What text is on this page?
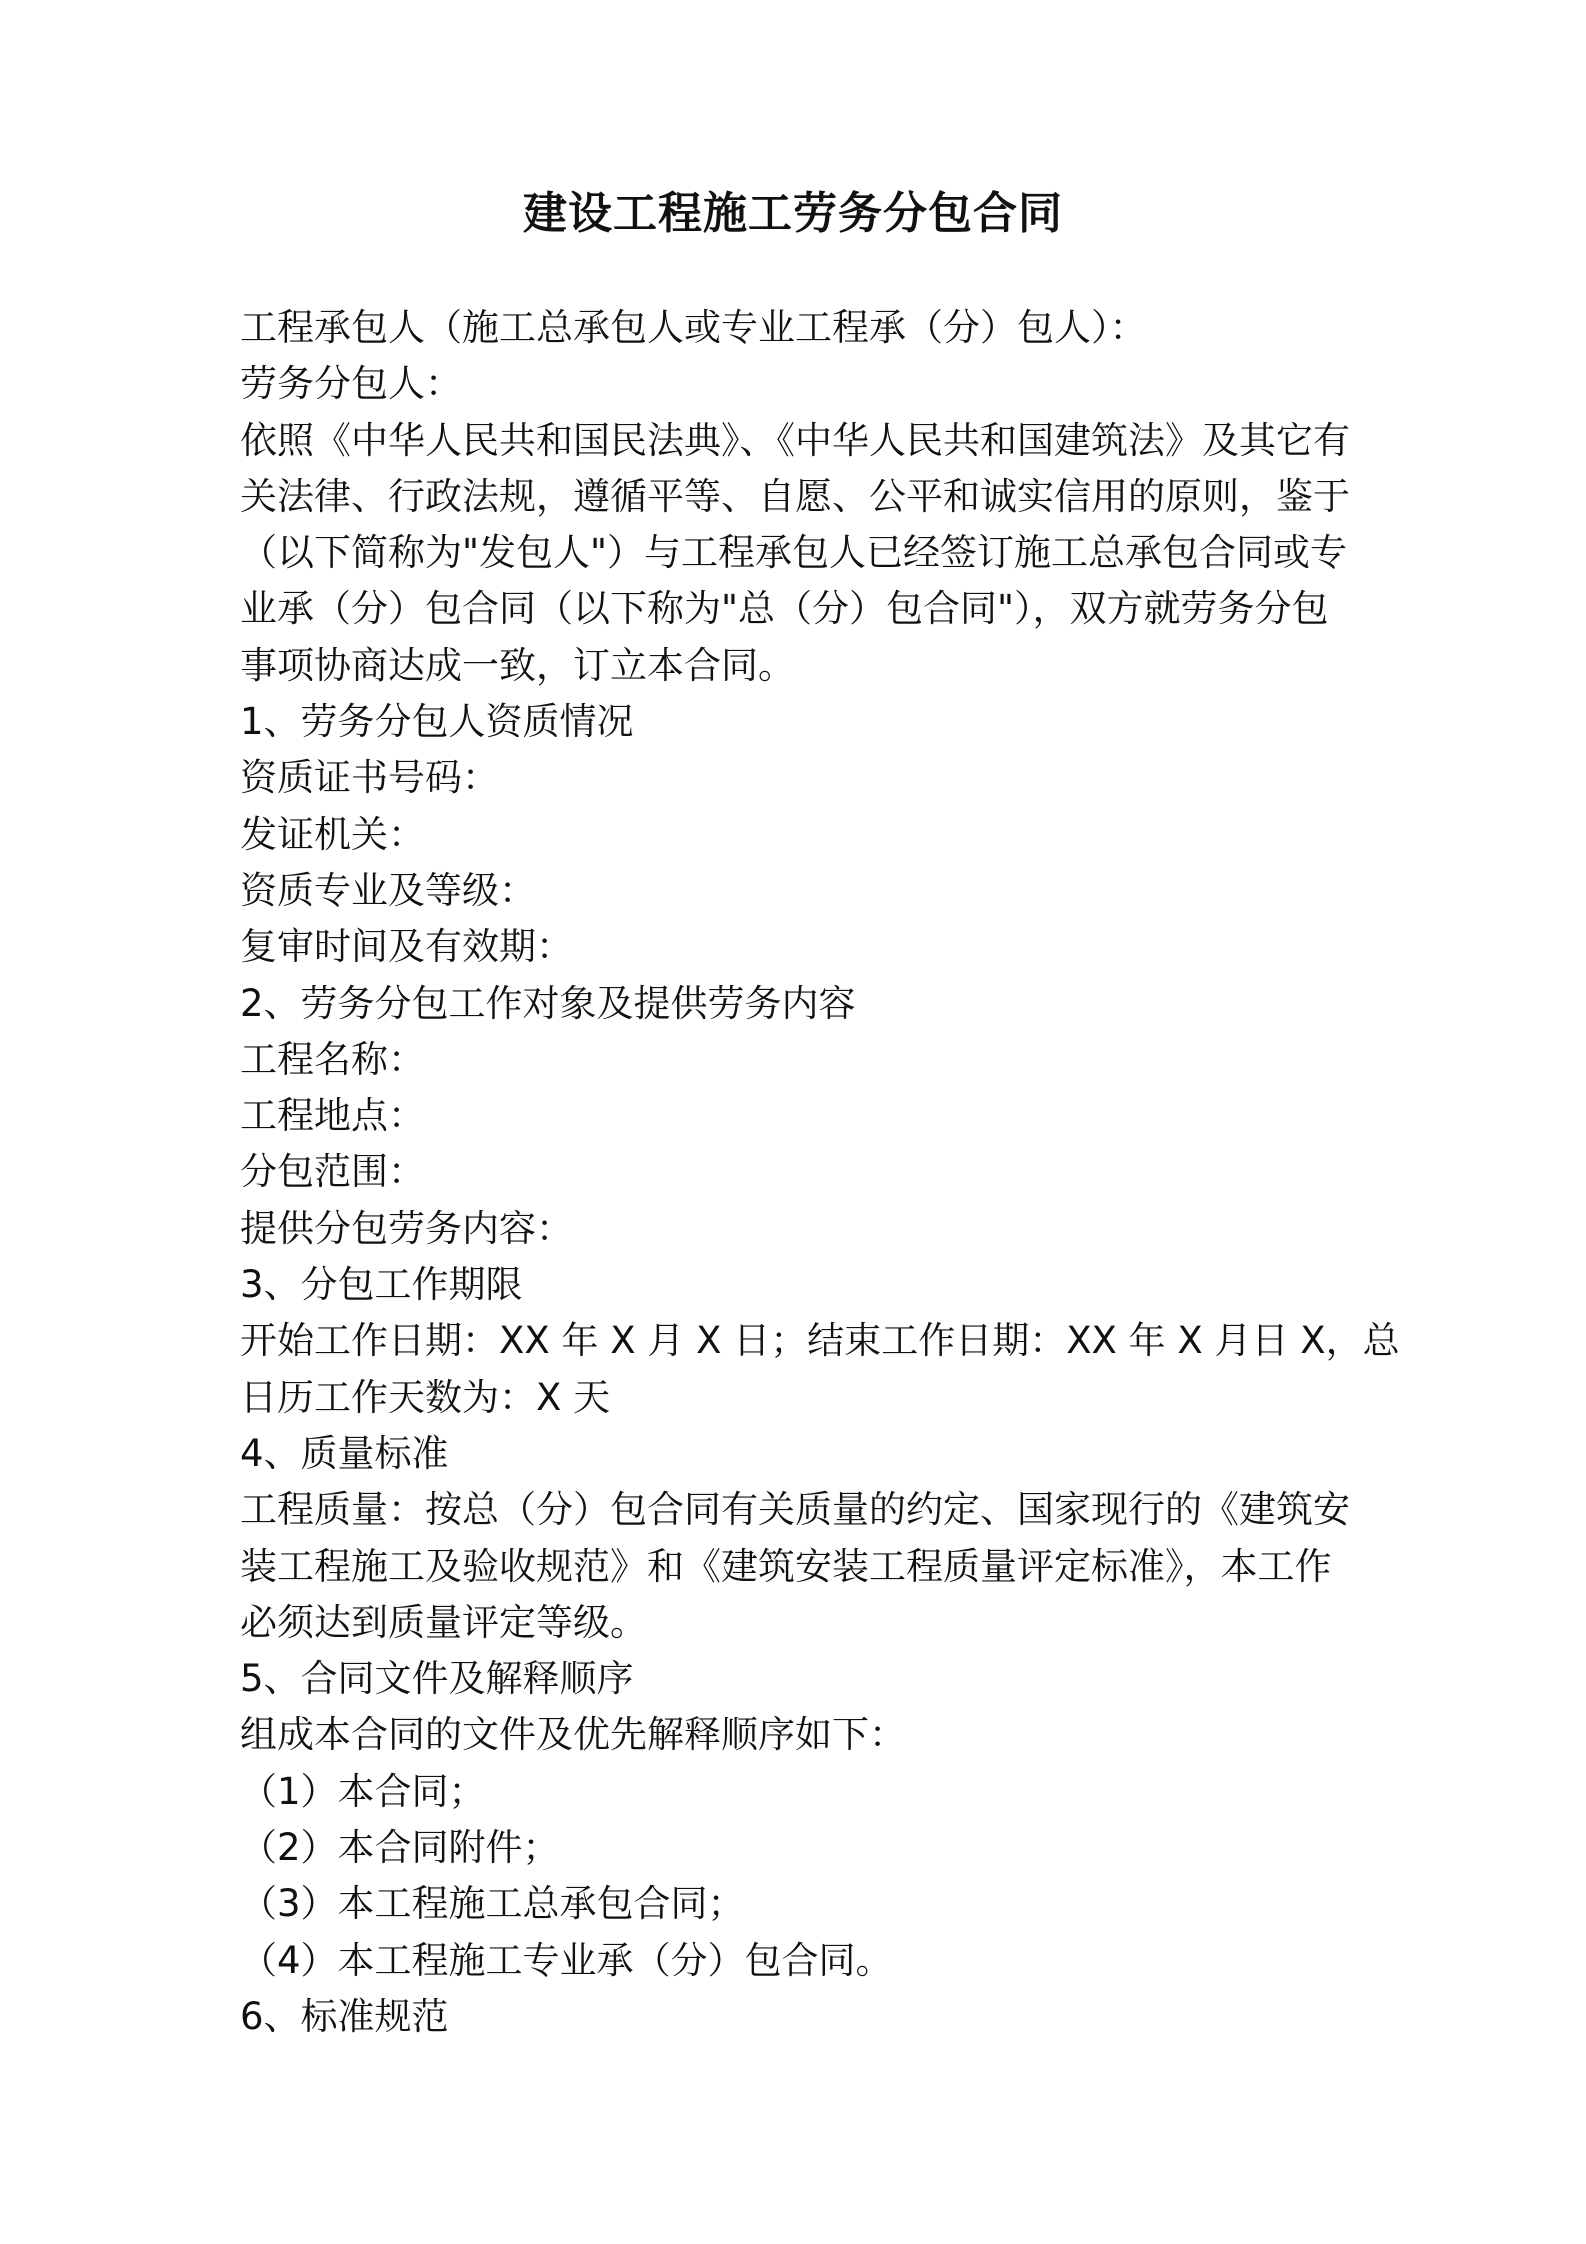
建设工程施工劳务分包合同
工程承包人（施工总承包人或专业工程承（分）包人）：
劳务分包人：
依照《中华人民共和国民法典》、《中华人民共和国建筑法》及其它有
关法律、行政法规，遵循平等、自愿、公平和诚实信用的原则，鉴于
（以下简称为"发包人"）与工程承包人已经签订施工总承包合同或专
业承（分）包合同（以下称为"总（分）包合同"），双方就劳务分包
事项协商达成一致，订立本合同。
1、劳务分包人资质情况
资质证书号码：
发证机关：
资质专业及等级：
复审时间及有效期：
2、劳务分包工作对象及提供劳务内容
工程名称：
工程地点：
分包范围：
提供分包劳务内容：
3、分包工作期限
开始工作日期：XX 年 X 月 X 日；结束工作日期：XX 年 X 月日 X，总
日历工作天数为：X 天
4、质量标准
工程质量：按总（分）包合同有关质量的约定、国家现行的《建筑安
装工程施工及验收规范》和《建筑安装工程质量评定标准》，本工作
必须达到质量评定等级。
5、合同文件及解释顺序
组成本合同的文件及优先解释顺序如下：
（1）本合同；
（2）本合同附件；
（3）本工程施工总承包合同；
（4）本工程施工专业承（分）包合同。
6、标准规范
